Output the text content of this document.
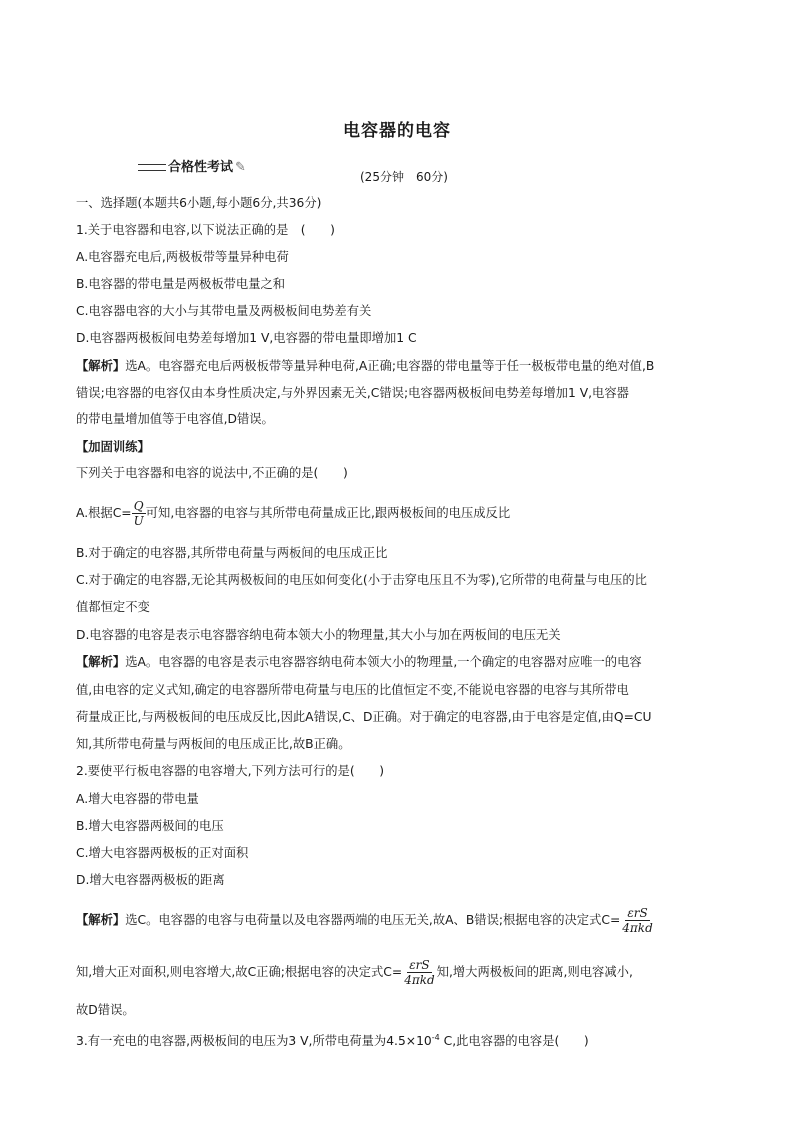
电容器的电容
合格性考试 ✎
(25分钟　60分)
一、选择题(本题共6小题,每小题6分,共36分)
1.关于电容器和电容,以下说法正确的是　(　　)
A.电容器充电后,两极板带等量异种电荷
B.电容器的带电量是两极板带电量之和
C.电容器电容的大小与其带电量及两极板间电势差有关
D.电容器两极板间电势差每增加1 V,电容器的带电量即增加1 C
【解析】选A。电容器充电后两极板带等量异种电荷,A正确;电容器的带电量等于任一极板带电量的绝对值,B
错误;电容器的电容仅由本身性质决定,与外界因素无关,C错误;电容器两极板间电势差每增加1 V,电容器
的带电量增加值等于电容值,D错误。
【加固训练】
下列关于电容器和电容的说法中,不正确的是(　　)
A.根据$C= \frac{Q}{U}$ 可知,电容器的电容与其所带电荷量成正比,跟两极板间的电压成反比
B.对于确定的电容器,其所带电荷量与两板间的电压成正比
C.对于确定的电容器,无论其两极板间的电压如何变化(小于击穿电压且不为零),它所带的电荷量与电压的比
值都恒定不变
D.电容器的电容是表示电容器容纳电荷本领大小的物理量,其大小与加在两板间的电压无关
【解析】选A。电容器的电容是表示电容器容纳电荷本领大小的物理量,一个确定的电容器对应唯一的电容
值,由电容的定义式知,确定的电容器所带电荷量与电压的比值恒定不变,不能说电容器的电容与其所带电
荷量成正比,与两极板间的电压成反比,因此A错误,C、D正确。对于确定的电容器,由于电容是定值,由Q=CU
知,其所带电荷量与两板间的电压成正比,故B正确。
2.要使平行板电容器的电容增大,下列方法可行的是(　　)
A.增大电容器的带电量
B.增大电容器两极间的电压
C.增大电容器两极板的正对面积
D.增大电容器两极板的距离
【解析】选C。电容器的电容与电荷量以及电容器两端的电压无关,故A、B错误;根据电容的决定式$C= \frac{\text{εrS}}{\text{4πkd}}$
知,增大正对面积,则电容增大,故C正确;根据电容的决定式$C= \frac{\text{εrS}}{\text{4πkd}}$ 知,增大两极板间的距离,则电容减小,
故D错误。
3.有一充电的电容器,两极板间的电压为3 V,所带电荷量为$4.5\times 10^{-4}$ C,此电容器的电容是(　　)
